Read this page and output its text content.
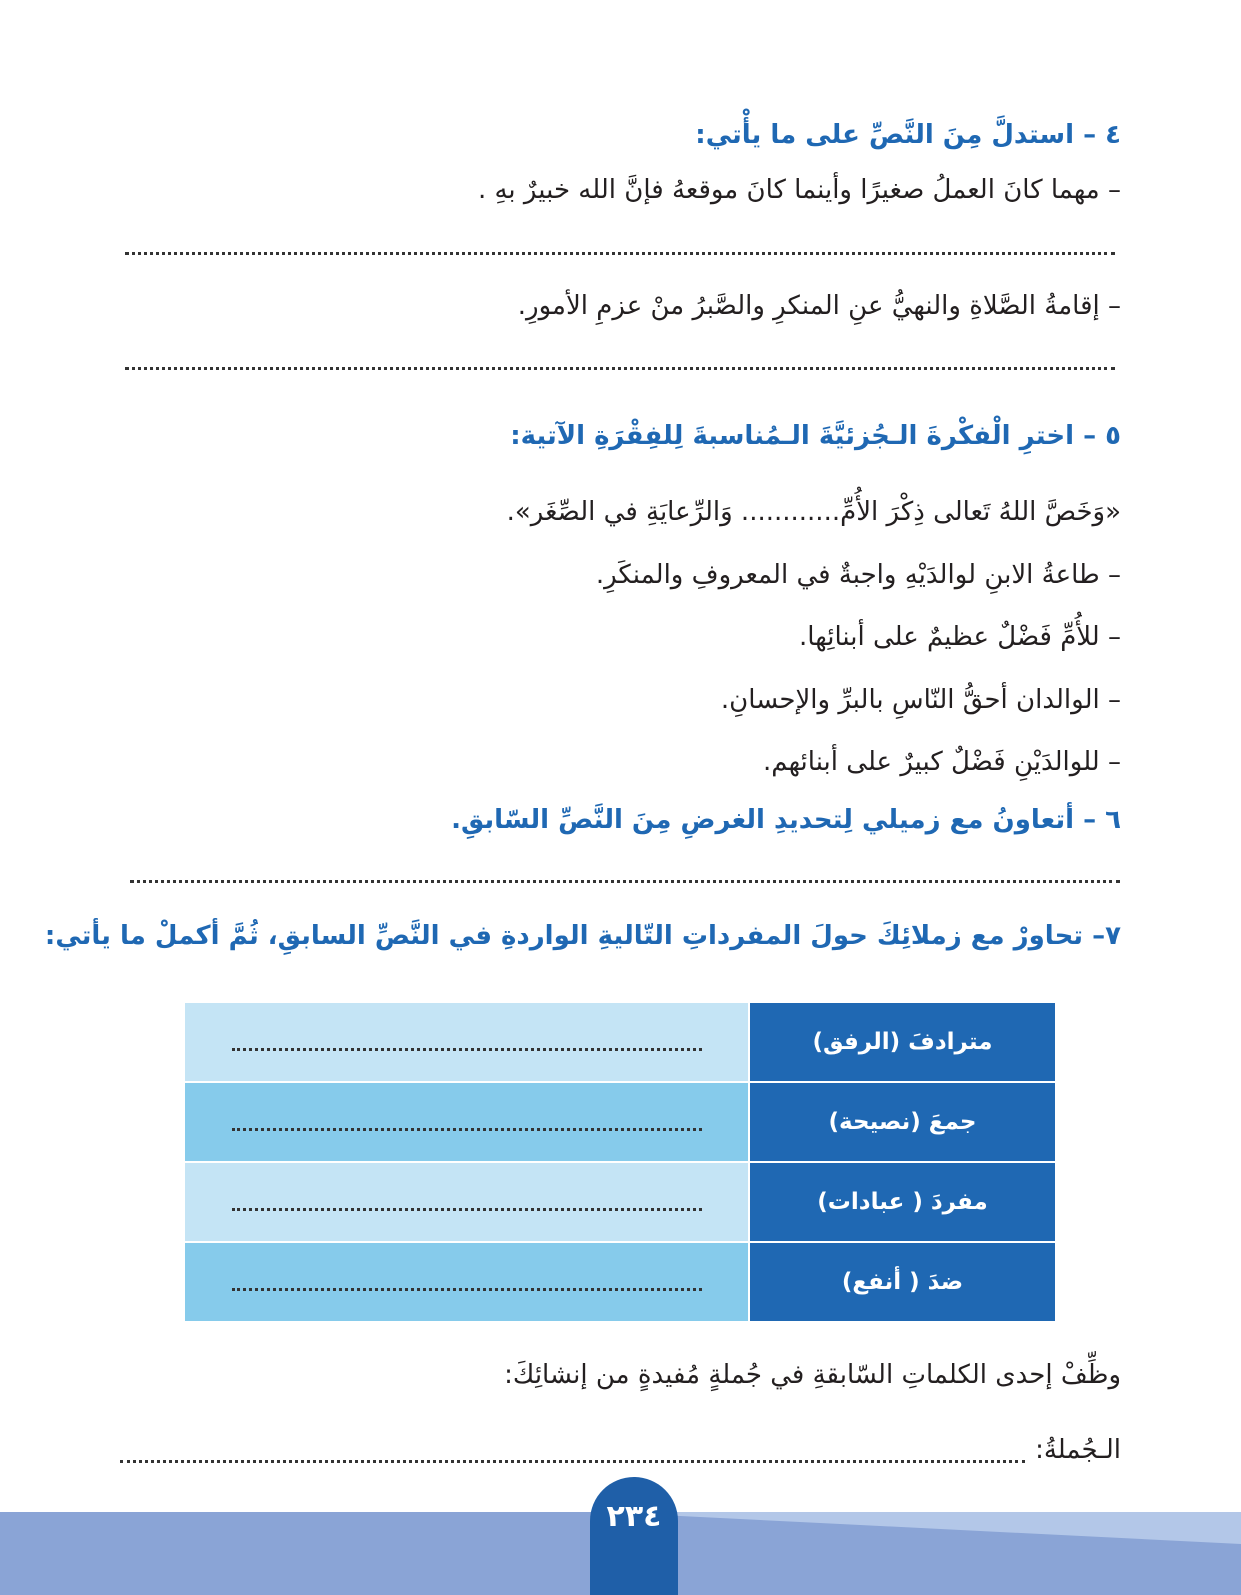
٤ – استدلَّ مِنَ النَّصِّ على ما يأْتي:
– مهما كانَ العملُ صغيرًا وأينما كانَ موقعهُ فإنَّ الله خبيرٌ بهِ .
– إقامةُ الصَّلاةِ والنهيُّ عنِ المنكرِ والصَّبرُ منْ عزمِ الأمورِ.
٥ – اخترِ الْفكْرةَ الـجُزئيَّةَ الـمُناسبةَ لِلفِقْرَةِ الآتية:
«وَخَصَّ اللهُ تَعالى ذِكْرَ الأُمِّ............ وَالرِّعايَةِ في الصِّغَر».
– طاعةُ الابنِ لوالدَيْهِ واجبةٌ في المعروفِ والمنكَرِ.
– للأُمِّ فَضْلٌ عظيمٌ على أبنائِها.
– الوالدان أحقُّ النّاسِ بالبرِّ والإحسانِ.
– للوالدَيْنِ فَضْلٌ كبيرٌ على أبنائهم.
٦ – أتعاونُ مع زميلي لِتحديدِ الغرضِ مِنَ النَّصِّ السّابقِ.
٧– تحاورْ مع زملائِكَ حولَ المفرداتِ التّاليةِ الواردةِ في النَّصِّ السابقِ، ثُمَّ أكملْ ما يأتي:
مترادفَ (الرفق)
جمعَ (نصيحة)
مفردَ ( عبادات)
ضدَ ( أنفع)
وظِّفْ إحدى الكلماتِ السّابقةِ في جُملةٍ مُفيدةٍ من إنشائِكَ:
الـجُملةُ:
٢٣٤
